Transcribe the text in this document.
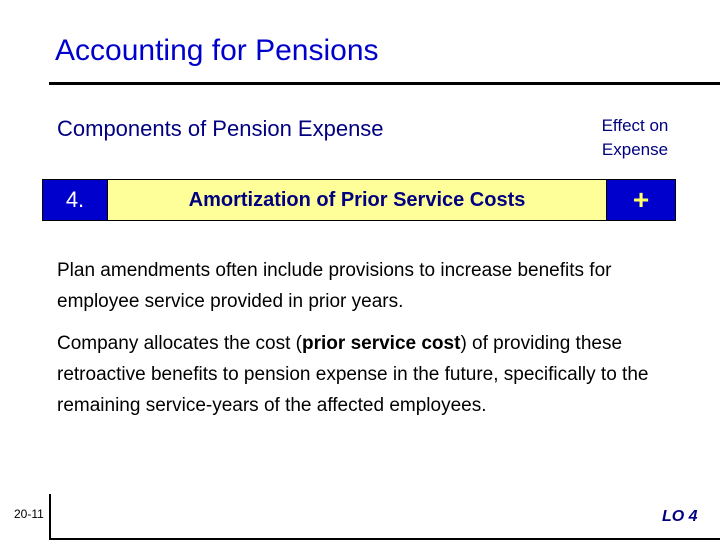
Accounting for Pensions
Components of Pension Expense	Effect on Expense
4.	Amortization of Prior Service Costs	+
Plan amendments often include provisions to increase benefits for employee service provided in prior years.
Company allocates the cost (prior service cost) of providing these retroactive benefits to pension expense in the future, specifically to the remaining service-years of the affected employees.
20-11	LO 4
